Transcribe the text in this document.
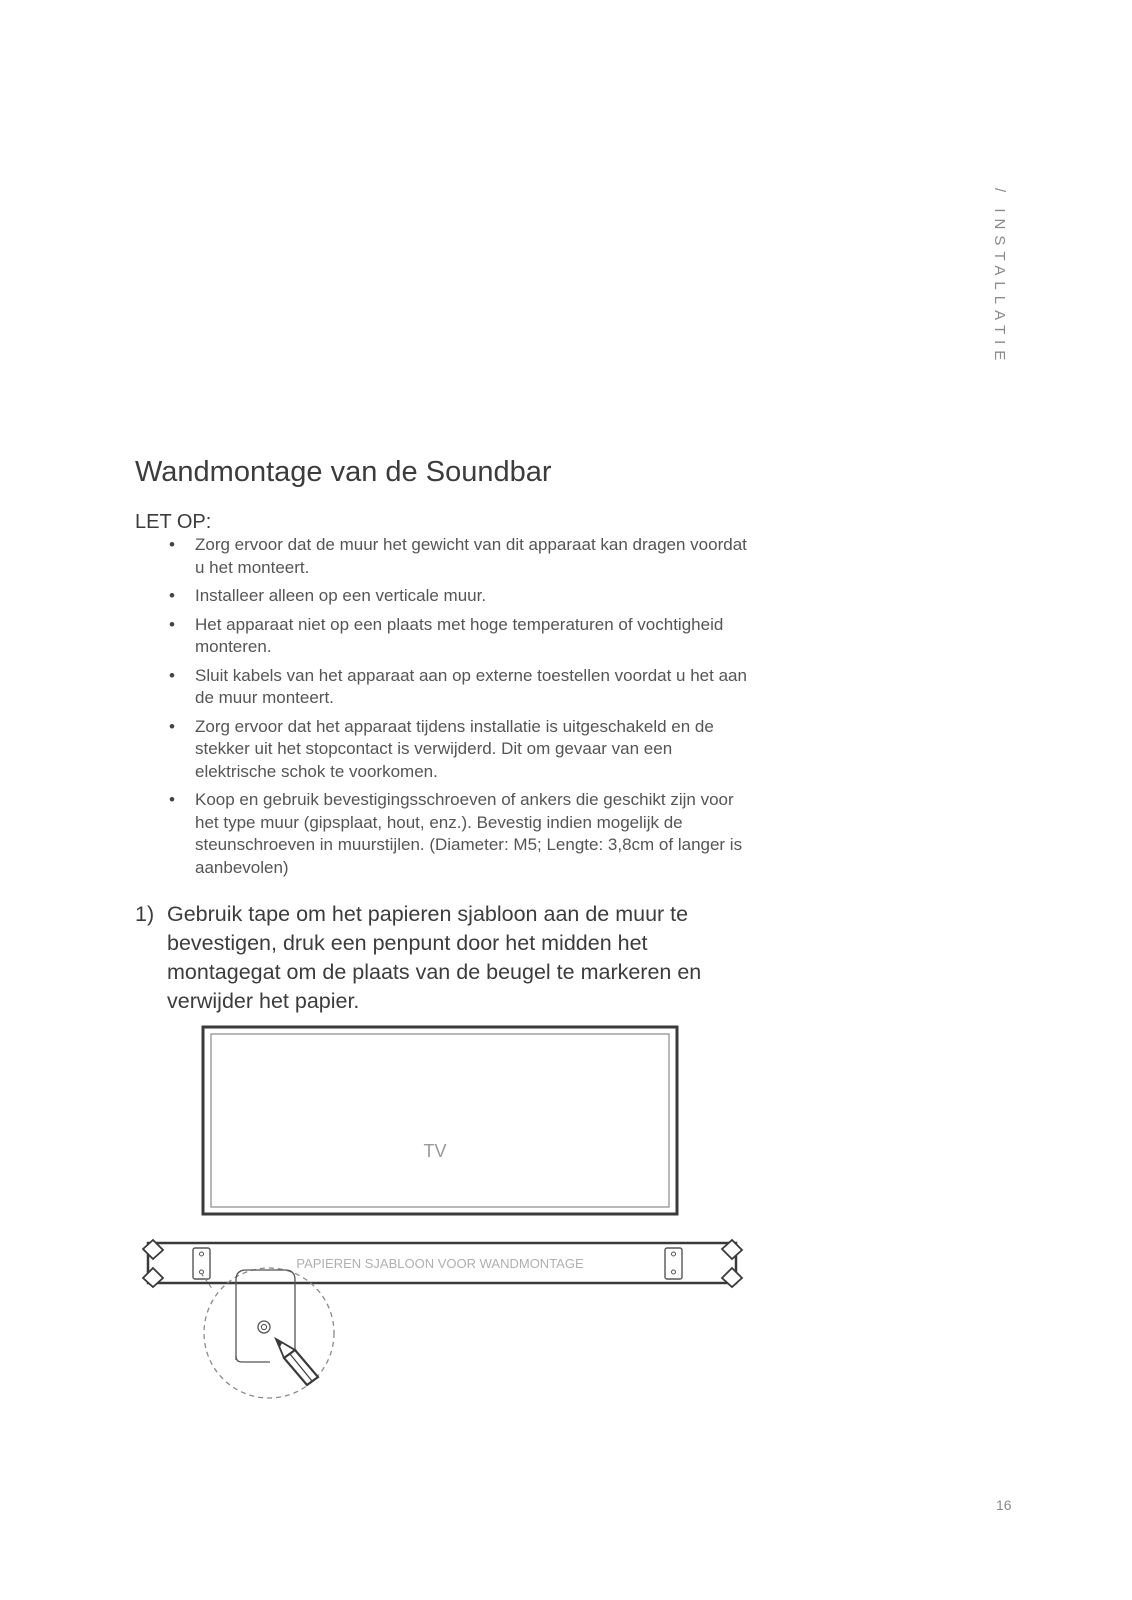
/ INSTALLATIE
Wandmontage van de Soundbar
LET OP:
• Zorg ervoor dat de muur het gewicht van dit apparaat kan dragen voordat u het monteert.
• Installeer alleen op een verticale muur.
• Het apparaat niet op een plaats met hoge temperaturen of vochtigheid monteren.
• Sluit kabels van het apparaat aan op externe toestellen voordat u het aan de muur monteert.
• Zorg ervoor dat het apparaat tijdens installatie is uitgeschakeld en de stekker uit het stopcontact is verwijderd. Dit om gevaar van een elektrische schok te voorkomen.
• Koop en gebruik bevestigingsschroeven of ankers die geschikt zijn voor het type muur (gipsplaat, hout, enz.). Bevestig indien mogelijk de steunschroeven in muurstijlen. (Diameter: M5; Lengte: 3,8cm of langer is aanbevolen)
1) Gebruik tape om het papieren sjabloon aan de muur te bevestigen, druk een penpunt door het midden het montagegat om de plaats van de beugel te markeren en verwijder het papier.
TV
PAPIEREN SJABLOON VOOR WANDMONTAGE
16
